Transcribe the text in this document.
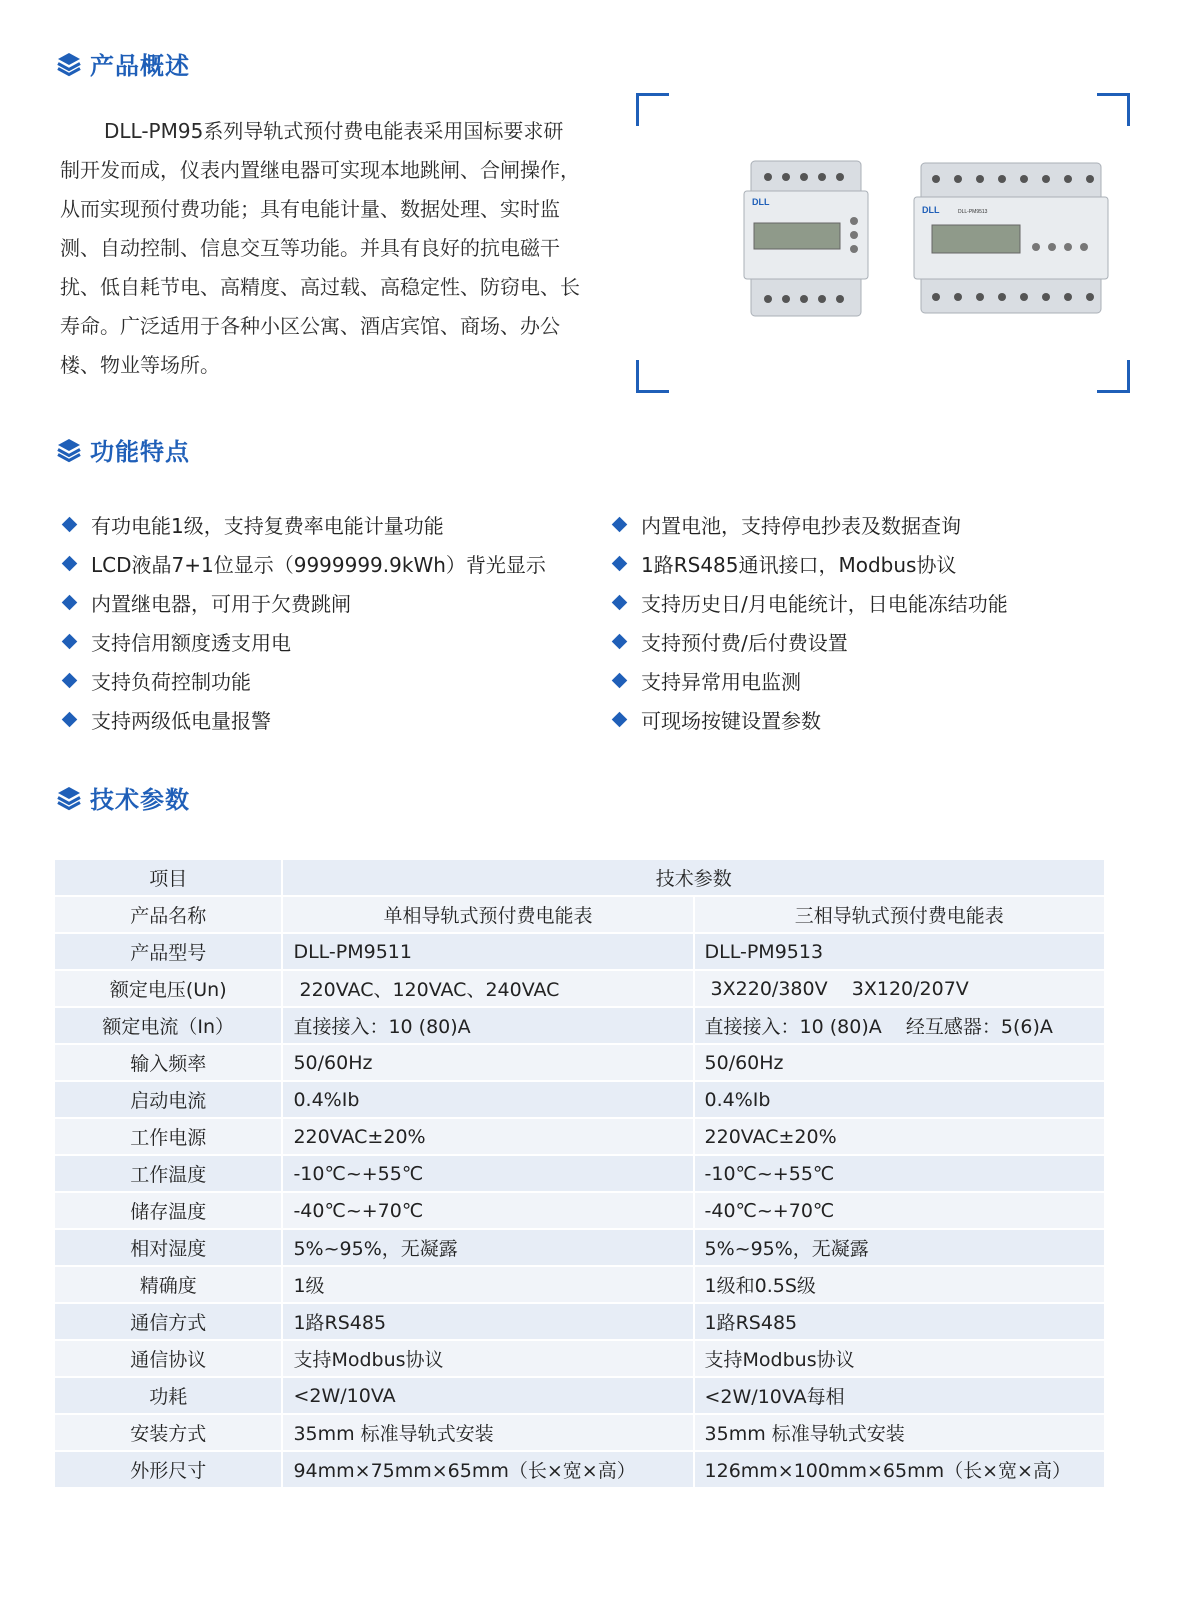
产品概述

DLL-PM95系列导轨式预付费电能表采用国标要求研制开发而成，仪表内置继电器可实现本地跳闸、合闸操作，从而实现预付费功能；具有电能计量、数据处理、实时监测、自动控制、信息交互等功能。并具有良好的抗电磁干扰、低自耗节电、高精度、高过载、高稳定性、防窃电、长寿命。广泛适用于各种小区公寓、酒店宾馆、商场、办公楼、物业等场所。

DLL
DLL	DLL-PM9513
功能特点
有功电能1级，支持复费率电能计量功能
LCD液晶7+1位显示（9999999.9kWh）背光显示
内置继电器，可用于欠费跳闸
支持信用额度透支用电
支持负荷控制功能
支持两级低电量报警
内置电池，支持停电抄表及数据查询
1路RS485通讯接口，Modbus协议
支持历史日/月电能统计，日电能冻结功能
支持预付费/后付费设置
支持异常用电监测
可现场按键设置参数
技术参数
项目	技术参数	
产品名称	单相导轨式预付费电能表	三相导轨式预付费电能表
产品型号	DLL-PM9511	DLL-PM9513
额定电压(Un)	220VAC、120VAC、240VAC	3X220/380V    3X120/207V
额定电流（In）	直接接入：10 (80)A	直接接入：10 (80)A    经互感器：5(6)A
输入频率	50/60Hz	50/60Hz
启动电流	0.4%Ib	0.4%Ib
工作电源	220VAC±20%	220VAC±20%
工作温度	-10℃~+55℃	-10℃~+55℃
储存温度	-40℃~+70℃	-40℃~+70℃
相对湿度	5%~95%，无凝露	5%~95%，无凝露
精确度	1级	1级和0.5S级
通信方式	1路RS485	1路RS485
通信协议	支持Modbus协议	支持Modbus协议
功耗	<2W/10VA	<2W/10VA每相
安装方式	35mm 标准导轨式安装	35mm 标准导轨式安装
外形尺寸	94mm×75mm×65mm（长×宽×高）	126mm×100mm×65mm（长×宽×高）
